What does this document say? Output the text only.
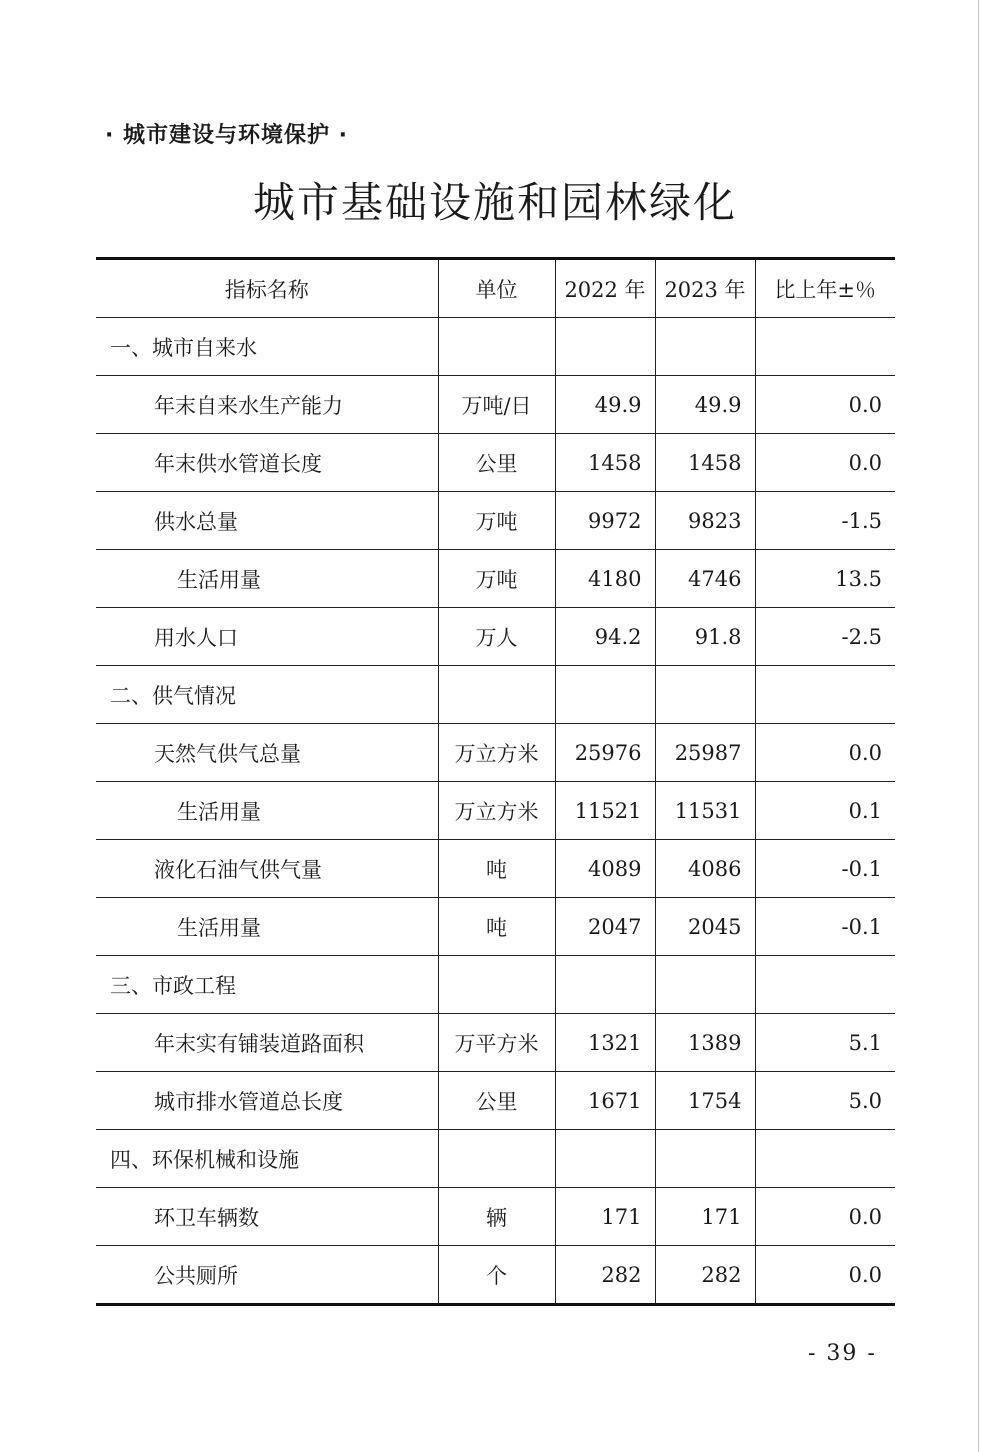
· 城市建设与环境保护 ·
城市基础设施和园林绿化
指标名称	单位	2022 年	2023 年	比上年±％
一、城市自来水				
年末自来水生产能力	万吨/日	49.9	49.9	0.0
年末供水管道长度	公里	1458	1458	0.0
供水总量	万吨	9972	9823	-1.5
生活用量	万吨	4180	4746	13.5
用水人口	万人	94.2	91.8	-2.5
二、供气情况				
天然气供气总量	万立方米	25976	25987	0.0
生活用量	万立方米	11521	11531	0.1
液化石油气供气量	吨	4089	4086	-0.1
生活用量	吨	2047	2045	-0.1
三、市政工程				
年末实有铺装道路面积	万平方米	1321	1389	5.1
城市排水管道总长度	公里	1671	1754	5.0
四、环保机械和设施				
环卫车辆数	辆	171	171	0.0
公共厕所	个	282	282	0.0
- 39 -
